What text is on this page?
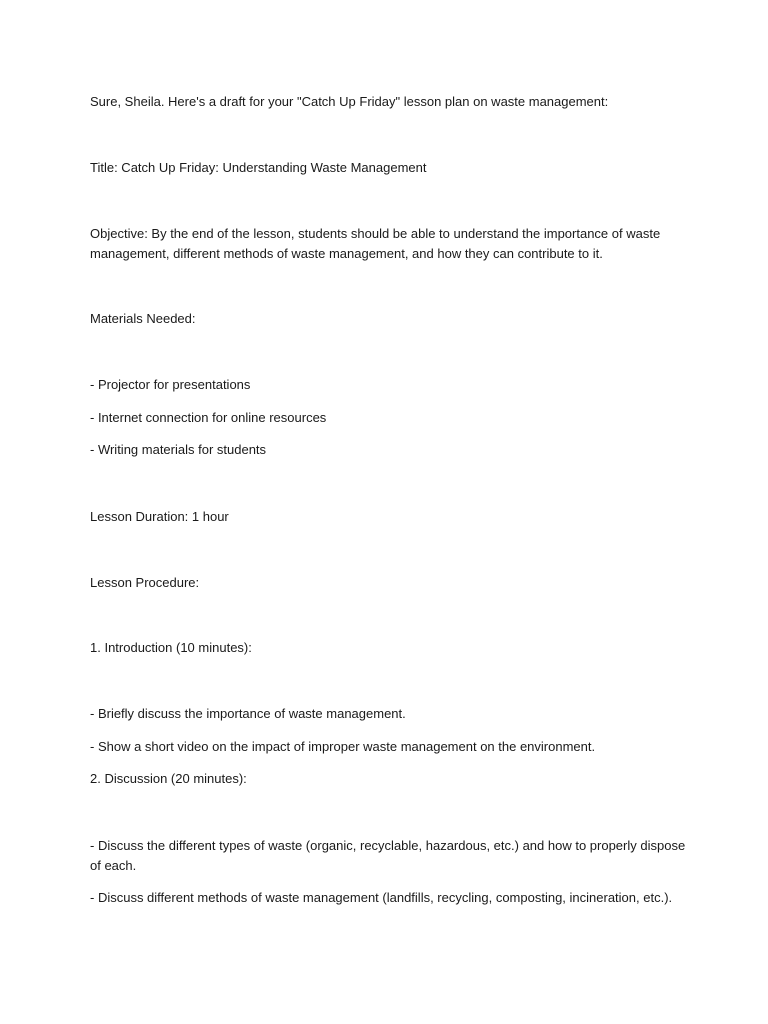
Sure, Sheila. Here's a draft for your "Catch Up Friday" lesson plan on waste management:
Title: Catch Up Friday: Understanding Waste Management
Objective: By the end of the lesson, students should be able to understand the importance of waste management, different methods of waste management, and how they can contribute to it.
Materials Needed:
- Projector for presentations
- Internet connection for online resources
- Writing materials for students
Lesson Duration: 1 hour
Lesson Procedure:
1. Introduction (10 minutes):
- Briefly discuss the importance of waste management.
- Show a short video on the impact of improper waste management on the environment.
2. Discussion (20 minutes):
- Discuss the different types of waste (organic, recyclable, hazardous, etc.) and how to properly dispose of each.
- Discuss different methods of waste management (landfills, recycling, composting, incineration, etc.).
